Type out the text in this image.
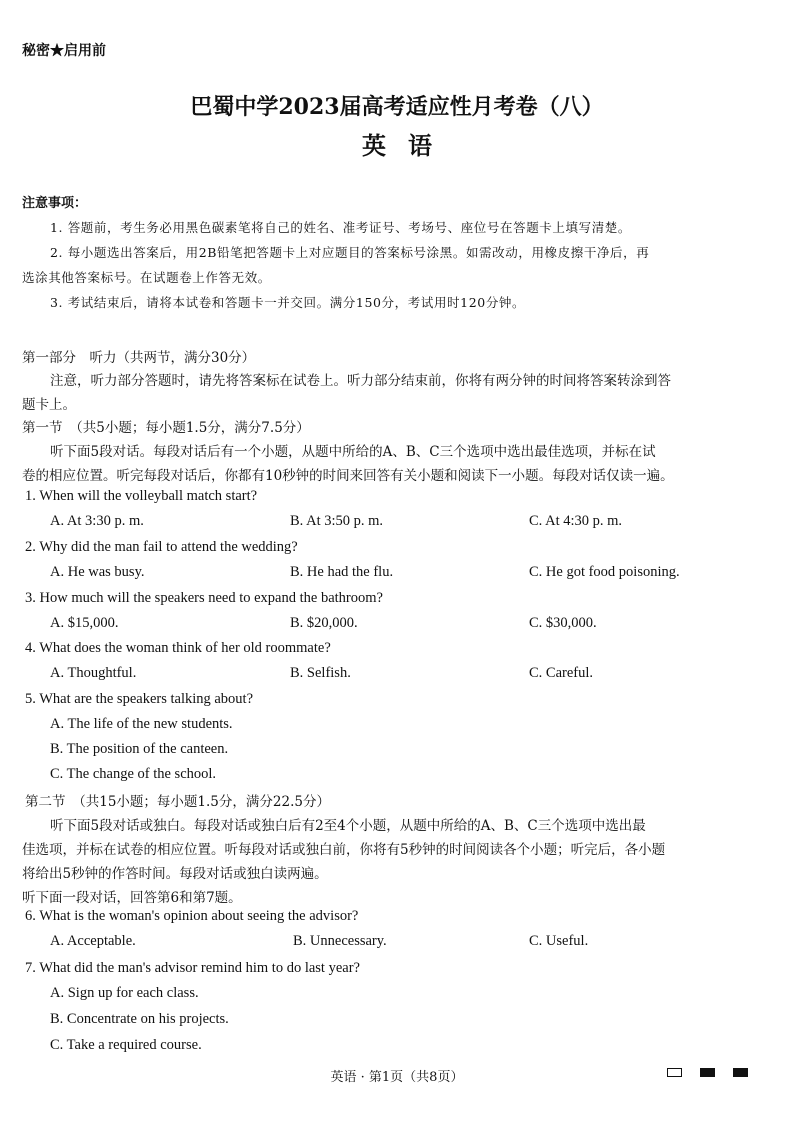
秘密★启用前
巴蜀中学2023届高考适应性月考卷（八）
英语
注意事项：
1. 答题前，考生务必用黑色碳素笔将自己的姓名、准考证号、考场号、座位号在答题卡上填写清楚。
2. 每小题选出答案后，用2B铅笔把答题卡上对应题目的答案标号涂黑。如需改动，用橡皮擦干净后，再
选涂其他答案标号。在试题卷上作答无效。
3. 考试结束后，请将本试卷和答题卡一并交回。满分150分，考试用时120分钟。
第一部分　听力（共两节，满分30分）
注意，听力部分答题时，请先将答案标在试卷上。听力部分结束前，你将有两分钟的时间将答案转涂到答
题卡上。
第一节　（共5小题；每小题1.5分，满分7.5分）
听下面5段对话。每段对话后有一个小题，从题中所给的A、B、C三个选项中选出最佳选项，并标在试
卷的相应位置。听完每段对话后，你都有10秒钟的时间来回答有关小题和阅读下一小题。每段对话仅读一遍。
1. When will the volleyball match start?
A. At 3:30 p. m.	B. At 3:50 p. m.	C. At 4:30 p. m.
2. Why did the man fail to attend the wedding?
A. He was busy.	B. He had the flu.	C. He got food poisoning.
3. How much will the speakers need to expand the bathroom?
A. $15,000.	B. $20,000.	C. $30,000.
4. What does the woman think of her old roommate?
A. Thoughtful.	B. Selfish.	C. Careful.
5. What are the speakers talking about?
A. The life of the new students.
B. The position of the canteen.
C. The change of the school.
第二节　（共15小题；每小题1.5分，满分22.5分）
听下面5段对话或独白。每段对话或独白后有2至4个小题，从题中所给的A、B、C三个选项中选出最
佳选项，并标在试卷的相应位置。听每段对话或独白前，你将有5秒钟的时间阅读各个小题；听完后，各小题
将给出5秒钟的作答时间。每段对话或独白读两遍。
听下面一段对话，回答第6和第7题。
6. What is the woman's opinion about seeing the advisor?
A. Acceptable.	B. Unnecessary.	C. Useful.
7. What did the man's advisor remind him to do last year?
A. Sign up for each class.
B. Concentrate on his projects.
C. Take a required course.
英语 · 第1页（共8页）
